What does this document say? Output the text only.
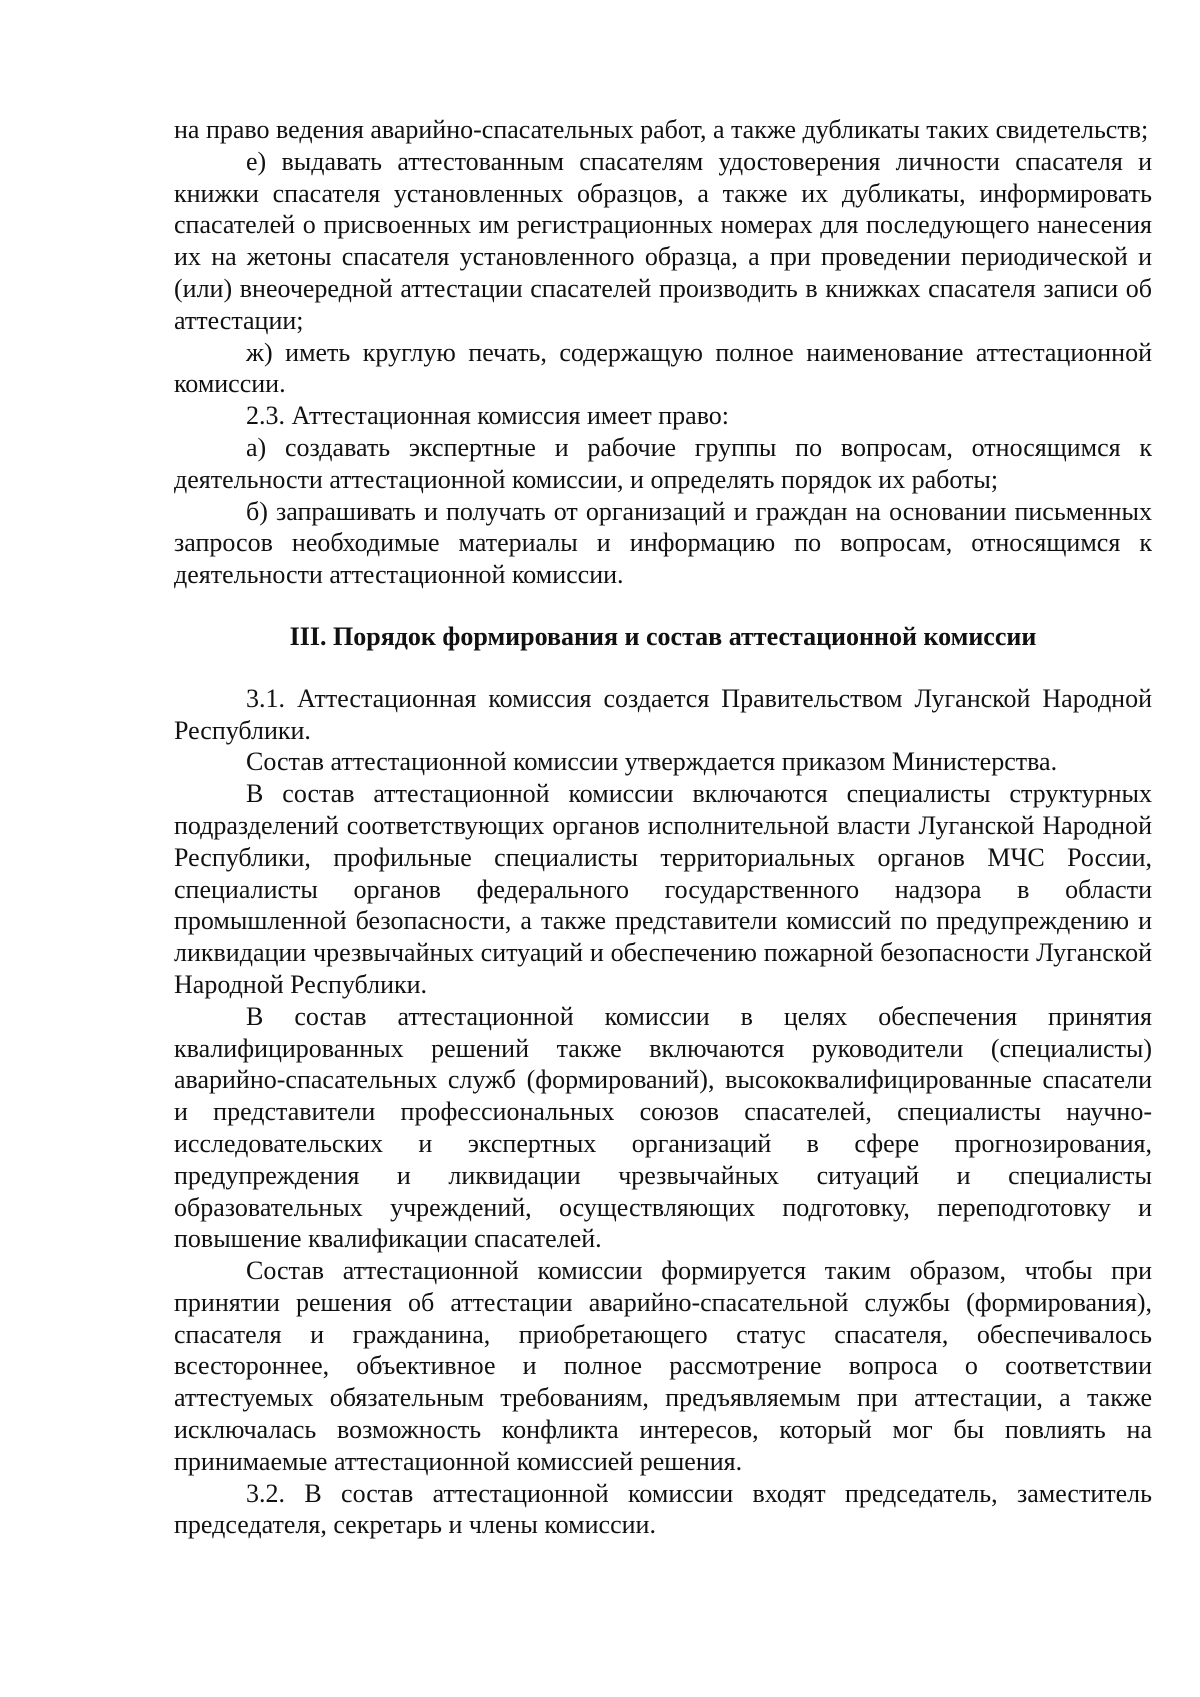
на право ведения аварийно-спасательных работ, а также дубликаты таких свидетельств;

е) выдавать аттестованным спасателям удостоверения личности спасателя и книжки спасателя установленных образцов, а также их дубликаты, информировать спасателей о присвоенных им регистрационных номерах для последующего нанесения их на жетоны спасателя установленного образца, а при проведении периодической и (или) внеочередной аттестации спасателей производить в книжках спасателя записи об аттестации;

ж) иметь круглую печать, содержащую полное наименование аттестационной комиссии.

2.3. Аттестационная комиссия имеет право:

а) создавать экспертные и рабочие группы по вопросам, относящимся к деятельности аттестационной комиссии, и определять порядок их работы;

б) запрашивать и получать от организаций и граждан на основании письменных запросов необходимые материалы и информацию по вопросам, относящимся к деятельности аттестационной комиссии.

III. Порядок формирования и состав аттестационной комиссии

3.1. Аттестационная комиссия создается Правительством Луганской Народной Республики.

Состав аттестационной комиссии утверждается приказом Министерства.

В состав аттестационной комиссии включаются специалисты структурных подразделений соответствующих органов исполнительной власти Луганской Народной Республики, профильные специалисты территориальных органов МЧС России, специалисты органов федерального государственного надзора в области промышленной безопасности, а также представители комиссий по предупреждению и ликвидации чрезвычайных ситуаций и обеспечению пожарной безопасности Луганской Народной Республики.

В состав аттестационной комиссии в целях обеспечения принятия квалифицированных решений также включаются руководители (специалисты) аварийно-спасательных служб (формирований), высококвалифицированные спасатели и представители профессиональных союзов спасателей, специалисты научно-исследовательских и экспертных организаций в сфере прогнозирования, предупреждения и ликвидации чрезвычайных ситуаций и специалисты образовательных учреждений, осуществляющих подготовку, переподготовку и повышение квалификации спасателей.

Состав аттестационной комиссии формируется таким образом, чтобы при принятии решения об аттестации аварийно-спасательной службы (формирования), спасателя и гражданина, приобретающего статус спасателя, обеспечивалось всестороннее, объективное и полное рассмотрение вопроса о соответствии аттестуемых обязательным требованиям, предъявляемым при аттестации, а также исключалась возможность конфликта интересов, который мог бы повлиять на принимаемые аттестационной комиссией решения.

3.2. В состав аттестационной комиссии входят председатель, заместитель председателя, секретарь и члены комиссии.
